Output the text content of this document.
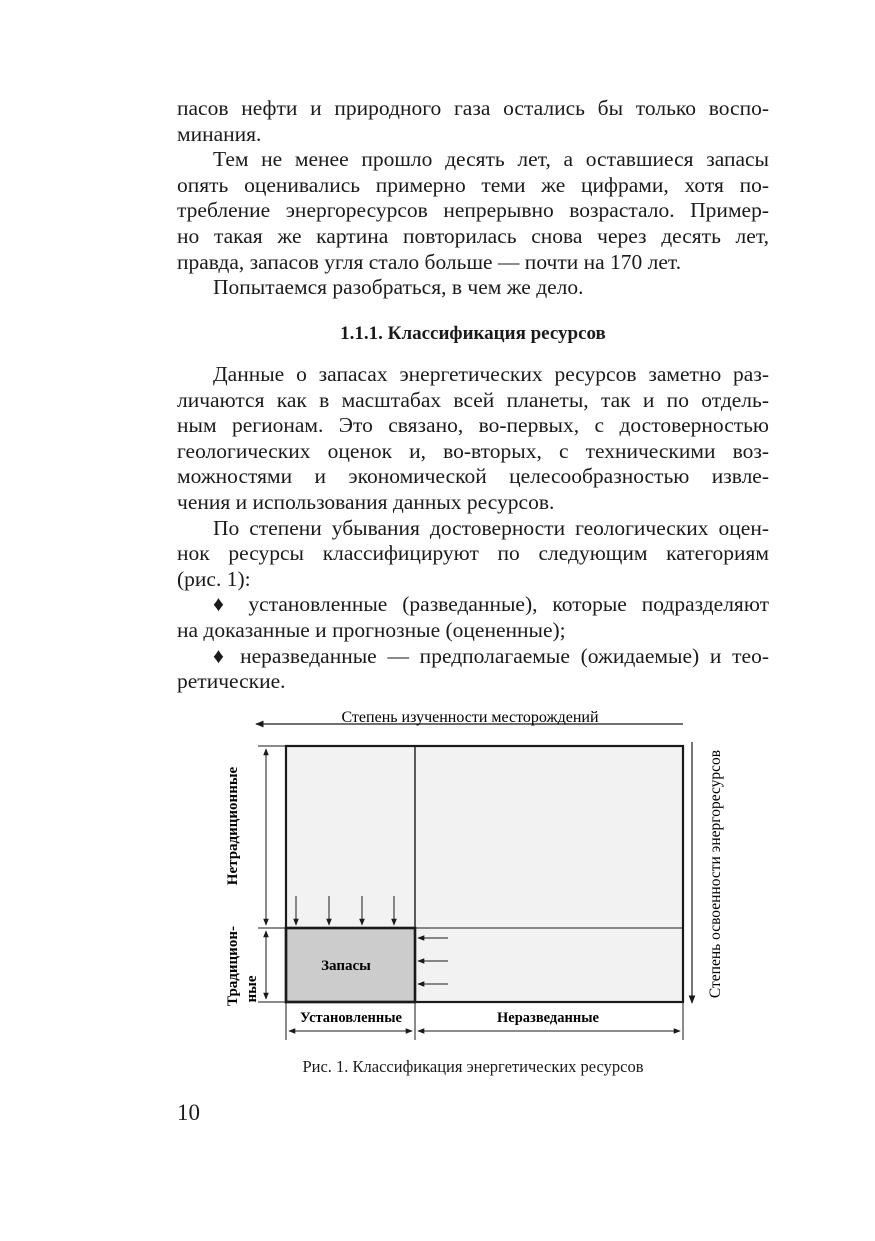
пасов нефти и природного газа остались бы только воспо-
минания.
Тем не менее прошло десять лет, а оставшиеся запасы
опять оценивались примерно теми же цифрами, хотя по-
требление энергоресурсов непрерывно возрастало. Пример-
но такая же картина повторилась снова через десять лет,
правда, запасов угля стало больше — почти на 170 лет.
Попытаемся разобраться, в чем же дело.
1.1.1. Классификация ресурсов
Данные о запасах энергетических ресурсов заметно раз-
личаются как в масштабах всей планеты, так и по отдель-
ным регионам. Это связано, во-первых, с достоверностью
геологических оценок и, во-вторых, с техническими воз-
можностями и экономической целесообразностью извле-
чения и использования данных ресурсов.
По степени убывания достоверности геологических оцен-
нок ресурсы классифицируют по следующим категориям
(рис. 1):
♦ установленные (разведанные), которые подразделяют
на доказанные и прогнозные (оцененные);
♦ неразведанные — предполагаемые (ожидаемые) и тео-
ретические.
Степень изученности месторождений
Степень освоенности энергоресурсов
Запасы
Нетрадиционные
Традицион- ные
Установленные	Неразведанные
Рис. 1. Классификация энергетических ресурсов
10
